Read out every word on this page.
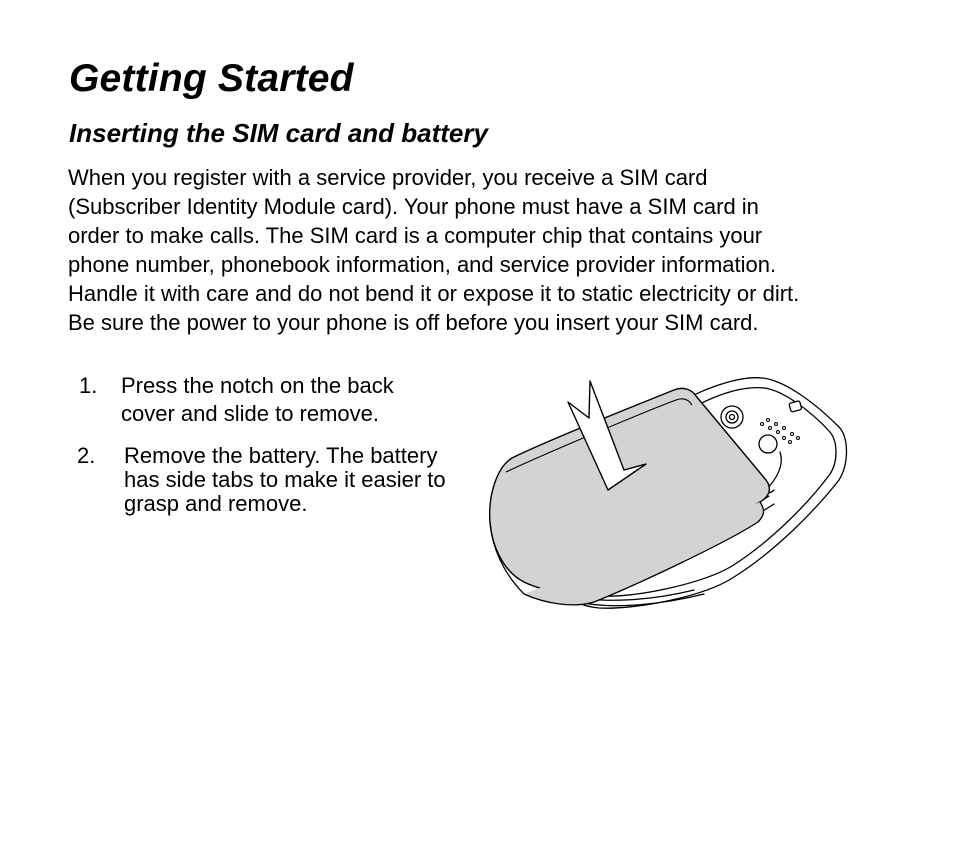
Getting Started
Inserting the SIM card and battery

When you register with a service provider, you receive a SIM card
(Subscriber Identity Module card). Your phone must have a SIM card in
order to make calls. The SIM card is a computer chip that contains your
phone number, phonebook information, and service provider information.
Handle it with care and do not bend it or expose it to static electricity or dirt.
Be sure the power to your phone is off before you insert your SIM card.

1. Press the notch on the back
cover and slide to remove.
2. Remove the battery. The battery
has side tabs to make it easier to
grasp and remove.
